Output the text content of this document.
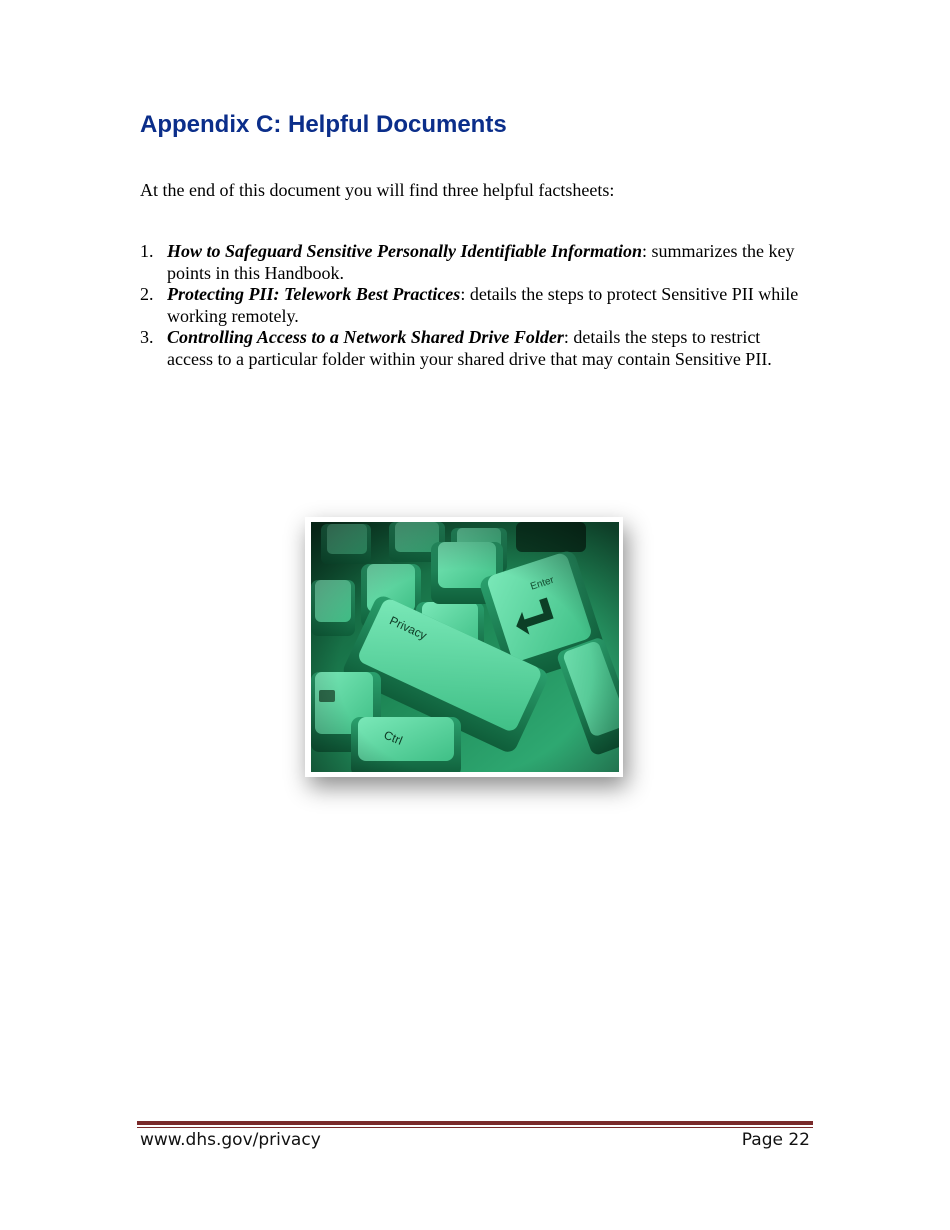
Appendix C: Helpful Documents

At the end of this document you will find three helpful factsheets:

1. How to Safeguard Sensitive Personally Identifiable Information: summarizes the key points in this Handbook.
2. Protecting PII: Telework Best Practices: details the steps to protect Sensitive PII while working remotely.
3. Controlling Access to a Network Shared Drive Folder: details the steps to restrict access to a particular folder within your shared drive that may contain Sensitive PII.
www.dhs.gov/privacy	Page 22
